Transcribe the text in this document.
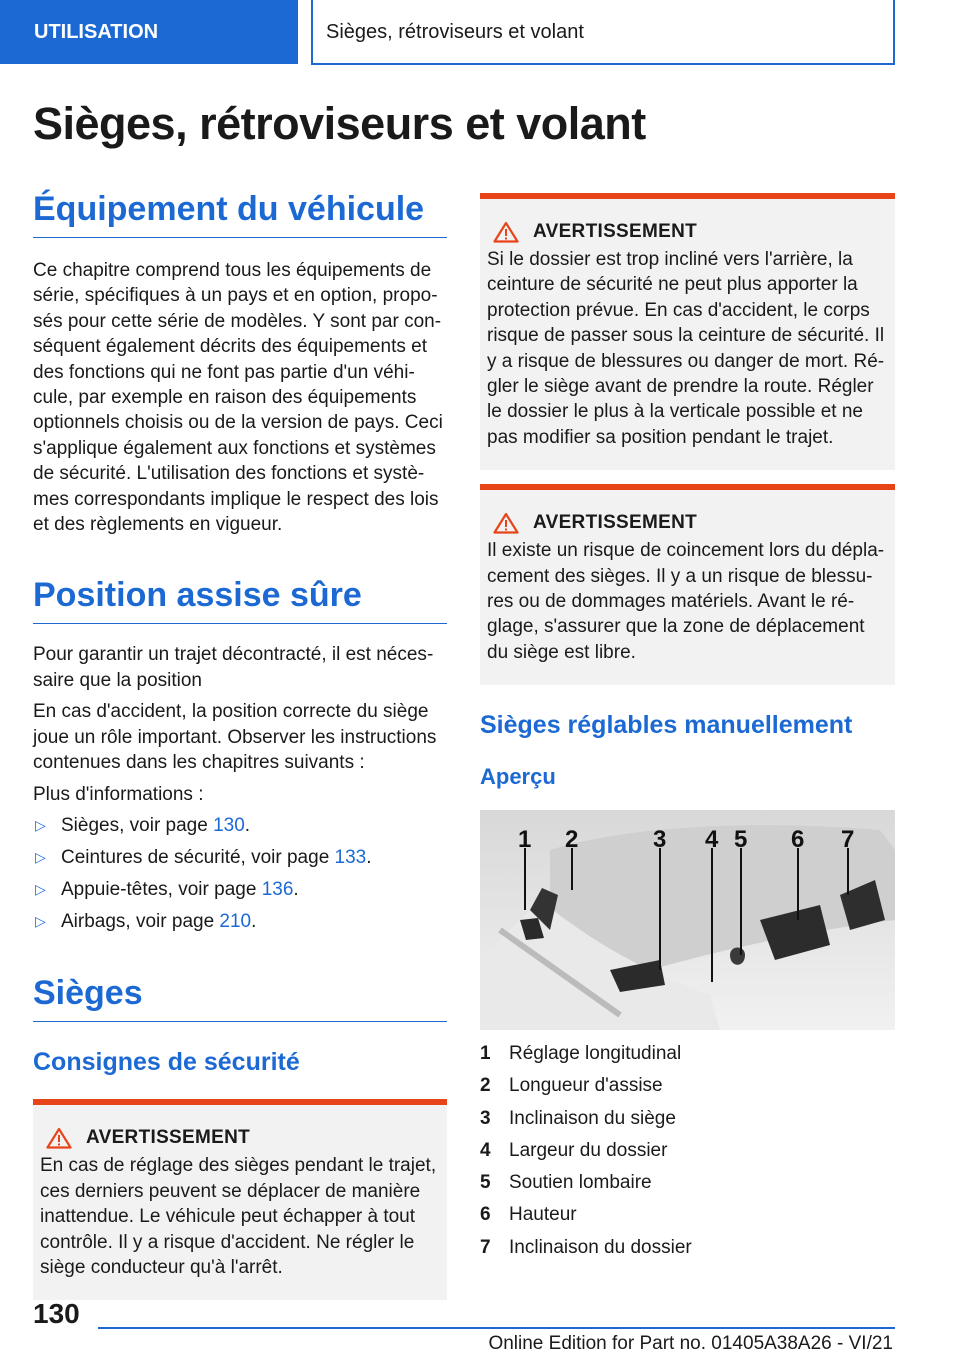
UTILISATION	Sièges, rétroviseurs et volant
Sièges, rétroviseurs et volant
Équipement du véhicule

Ce chapitre comprend tous les équipements de série, spécifiques à un pays et en option, proposés pour cette série de modèles. Y sont par conséquent également décrits des équipements et des fonctions qui ne font pas partie d'un véhicule, par exemple en raison des équipements optionnels choisis ou de la version de pays. Ceci s'applique également aux fonctions et systèmes de sécurité. L'utilisation des fonctions et systèmes correspondants implique le respect des lois et des règlements en vigueur.

Position assise sûre

Pour garantir un trajet décontracté, il est nécessaire que la position

En cas d'accident, la position correcte du siège joue un rôle important. Observer les instructions contenues dans les chapitres suivants :

Plus d'informations :

▷ Sièges, voir page 130.
▷ Ceintures de sécurité, voir page 133.
▷ Appuie-têtes, voir page 136.
▷ Airbags, voir page 210.
Sièges
Consignes de sécurité
AVERTISSEMENT

En cas de réglage des sièges pendant le trajet, ces derniers peuvent se déplacer de manière inattendue. Le véhicule peut échapper à tout contrôle. Il y a risque d'accident. Ne régler le siège conducteur qu'à l'arrêt.

AVERTISSEMENT

Si le dossier est trop incliné vers l'arrière, la ceinture de sécurité ne peut plus apporter la protection prévue. En cas d'accident, le corps risque de passer sous la ceinture de sécurité. Il y a risque de blessures ou danger de mort. Régler le siège avant de prendre la route. Régler le dossier le plus à la verticale possible et ne pas modifier sa position pendant le trajet.

AVERTISSEMENT

Il existe un risque de coincement lors du déplacement des sièges. Il y a un risque de blessures ou de dommages matériels. Avant le réglage, s'assurer que la zone de déplacement du siège est libre.

Sièges réglables manuellement
Aperçu
1 2	3 4 5 6 7
1 Réglage longitudinal
2 Longueur d'assise
3 Inclinaison du siège
4 Largeur du dossier
5 Soutien lombaire
6 Hauteur
7 Inclinaison du dossier
130
Online Edition for Part no. 01405A38A26 - VI/21
